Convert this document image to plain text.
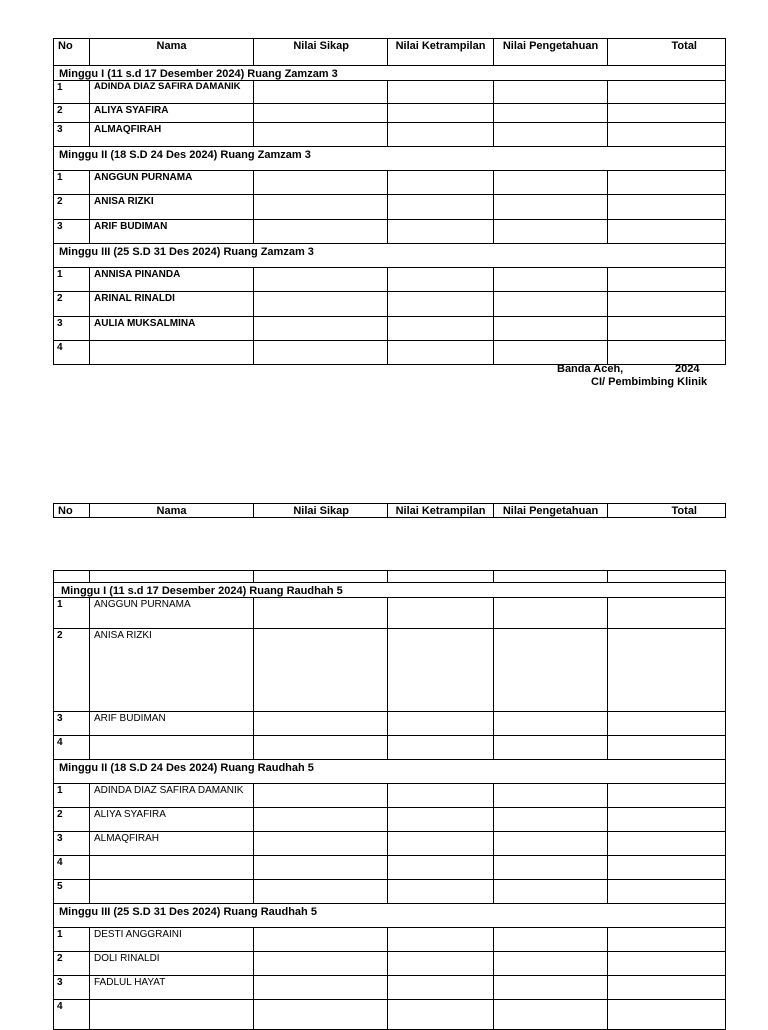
No	Nama	Nilai Sikap	Nilai Ketrampilan	Nilai Pengetahuan	Total
Minggu I (11 s.d 17 Desember 2024) Ruang Zamzam 3					
1	ADINDA DIAZ SAFIRA DAMANIK				

2	ALIYA SYAFIRA				
3	ALMAQFIRAH				
Minggu II (18 S.D 24 Des 2024) Ruang Zamzam 3					
1	ANGGUN PURNAMA				
2	ANISA RIZKI				
3	ARIF BUDIMAN				
Minggu III (25 S.D 31 Des 2024) Ruang Zamzam 3					
1	ANNISA PINANDA				
2	ARINAL RINALDI				
3	AULIA MUKSALMINA				
4					
Banda Aceh,	2024
CI/ Pembimbing Klinik
No	Nama	Nilai Sikap	Nilai Ketrampilan	Nilai Pengetahuan	Total

Minggu I (11 s.d 17 Desember 2024) Ruang Raudhah 5					
1	ANGGUN PURNAMA				
2	ANISA RIZKI				
3	ARIF BUDIMAN				
4					
Minggu II (18 S.D 24 Des 2024) Ruang Raudhah 5					
1	ADINDA DIAZ SAFIRA DAMANIK				
2	ALIYA SYAFIRA				
3	ALMAQFIRAH				
4					
5					
Minggu III (25 S.D 31 Des 2024) Ruang Raudhah 5					
1	DESTI ANGGRAINI				
2	DOLI RINALDI				
3	FADLUL HAYAT				
4					
